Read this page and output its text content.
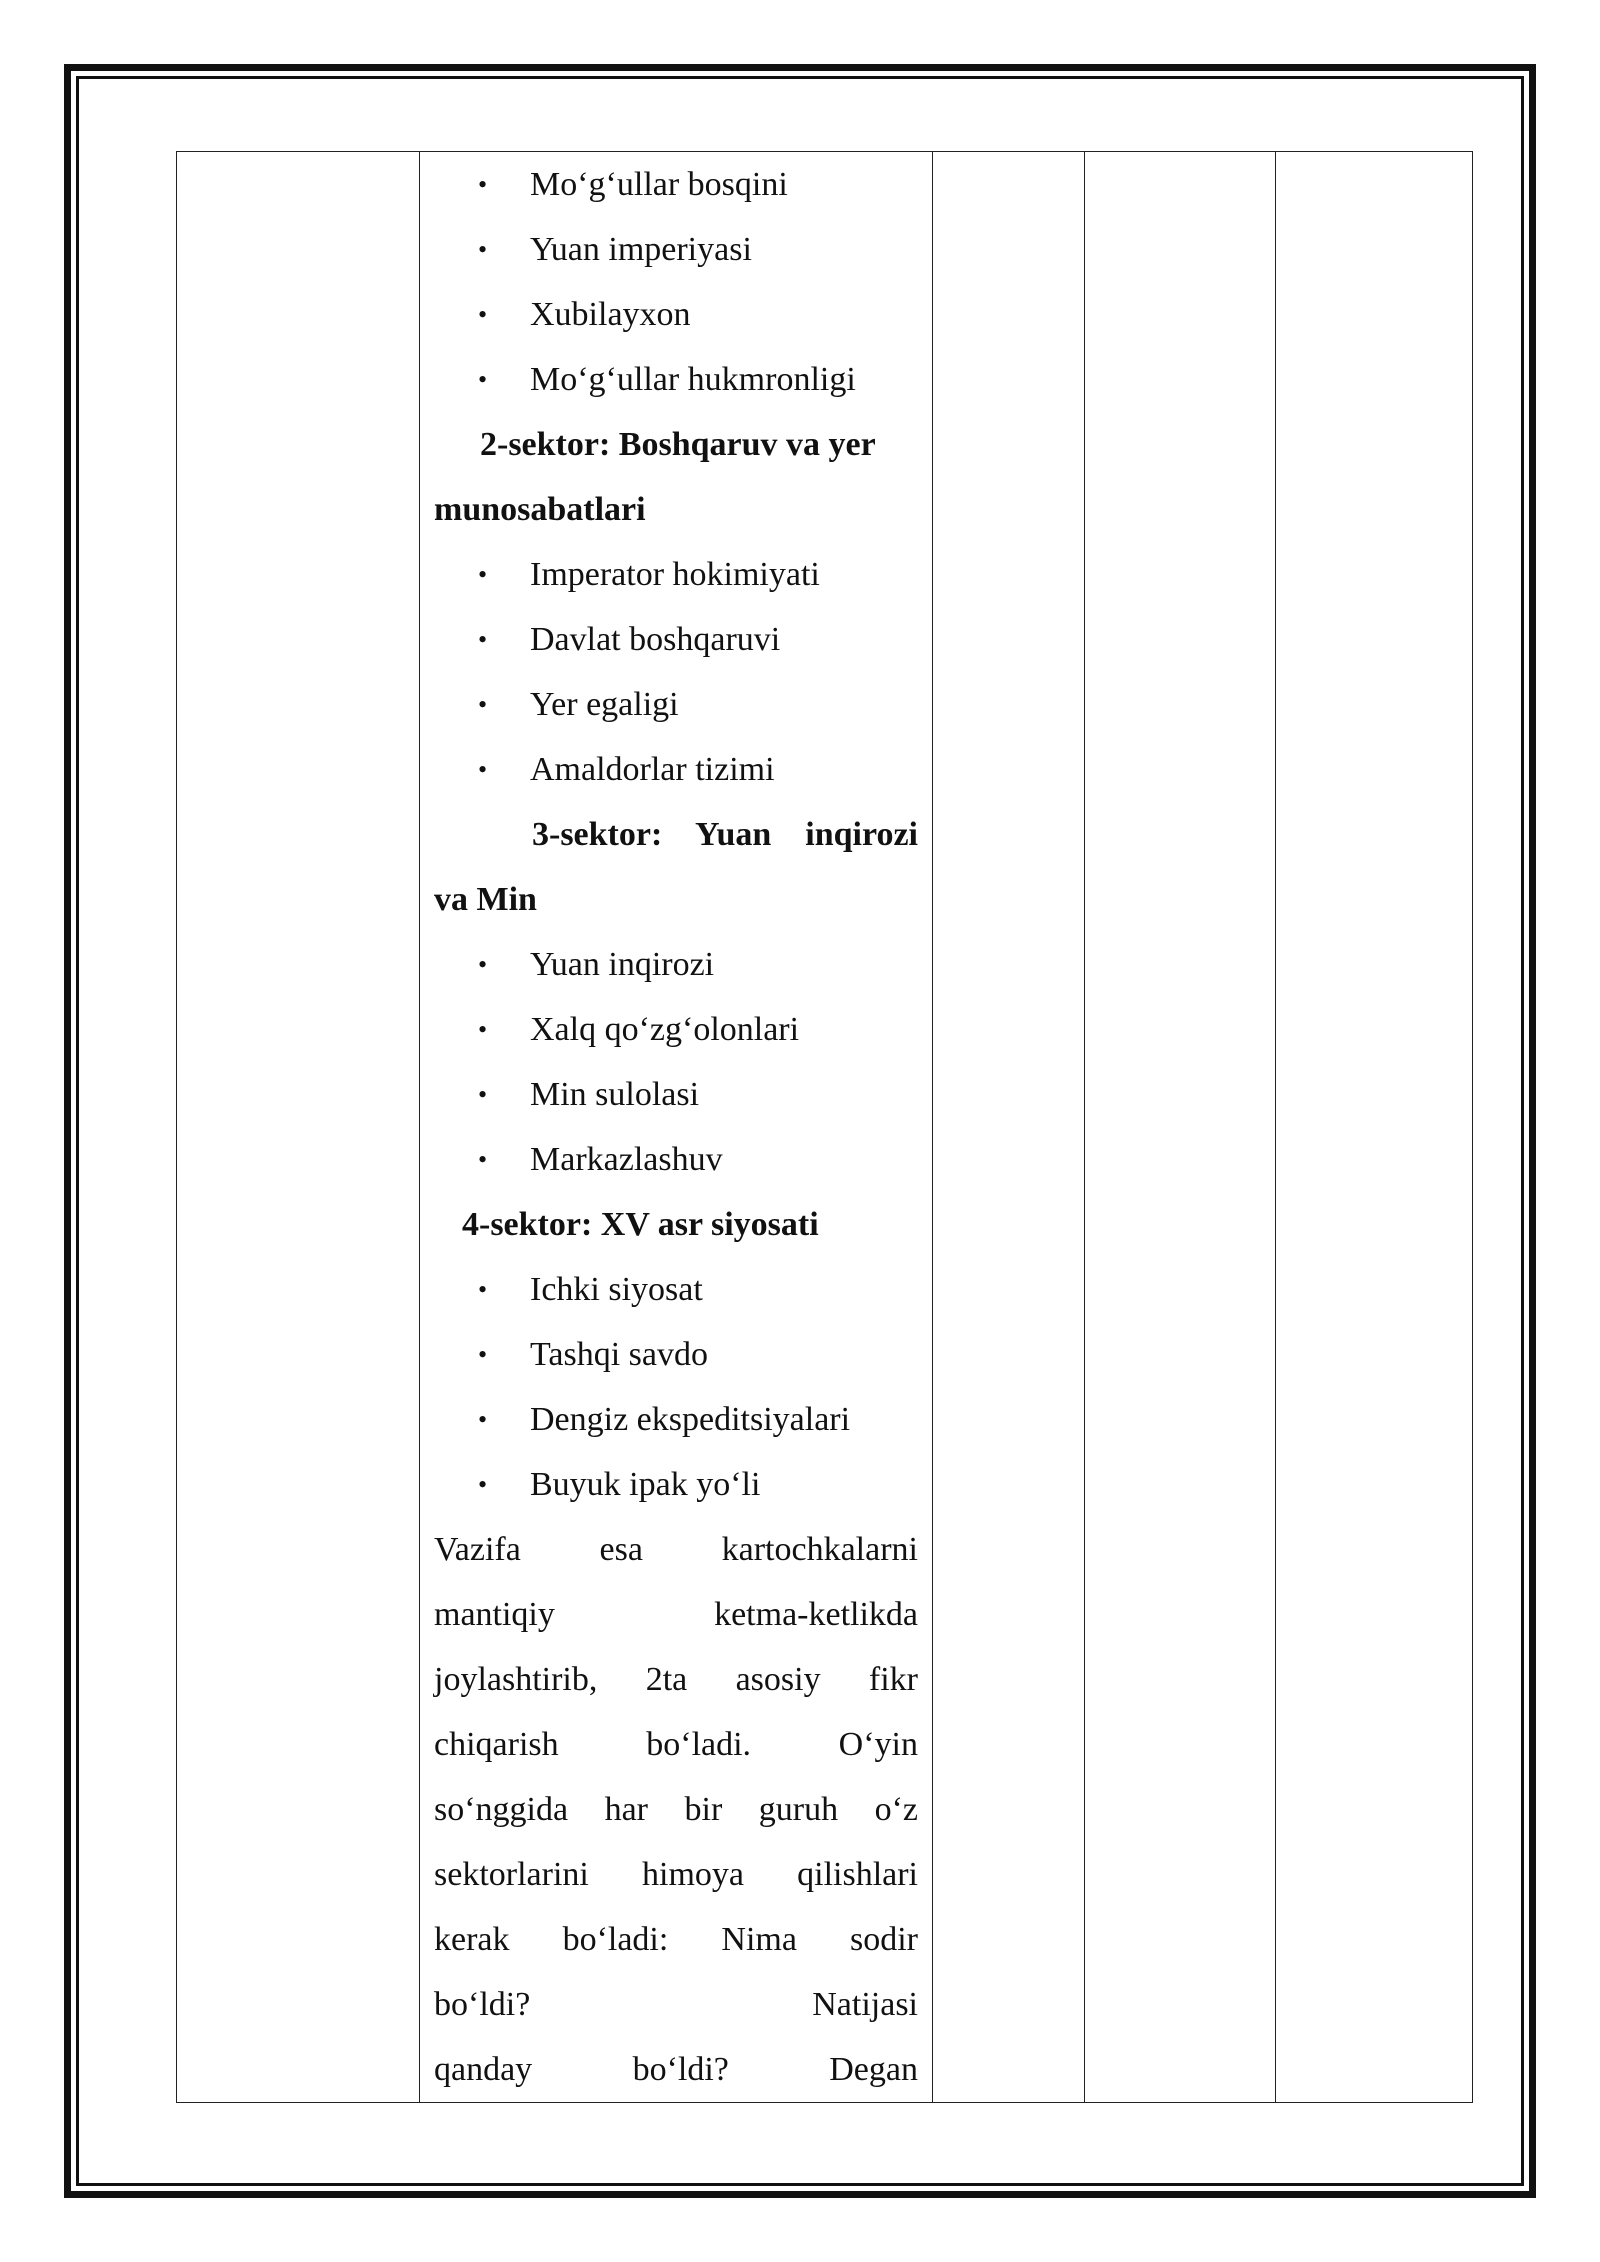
• Mo‘g‘ullar bosqini
• Yuan imperiyasi
• Xubilayxon
• Mo‘g‘ullar hukmronligi
2-sektor: Boshqaruv va yer
munosabatlari
• Imperator hokimiyati
• Davlat boshqaruvi
• Yer egaligi
• Amaldorlar tizimi
3-sektor: Yuan inqirozi
va Min
• Yuan inqirozi
• Xalq qo‘zg‘olonlari
• Min sulolasi
• Markazlashuv
4-sektor: XV asr siyosati
• Ichki siyosat
• Tashqi savdo
• Dengiz ekspeditsiyalari
• Buyuk ipak yo‘li
Vazifa esa kartochkalarni
mantiqiy ketma-ketlikda
joylashtirib, 2ta asosiy fikr
chiqarish bo‘ladi. O‘yin
so‘nggida har bir guruh o‘z
sektorlarini himoya qilishlari
kerak bo‘ladi: Nima sodir
bo‘ldi? Natijasi
qanday bo‘ldi? Degan
